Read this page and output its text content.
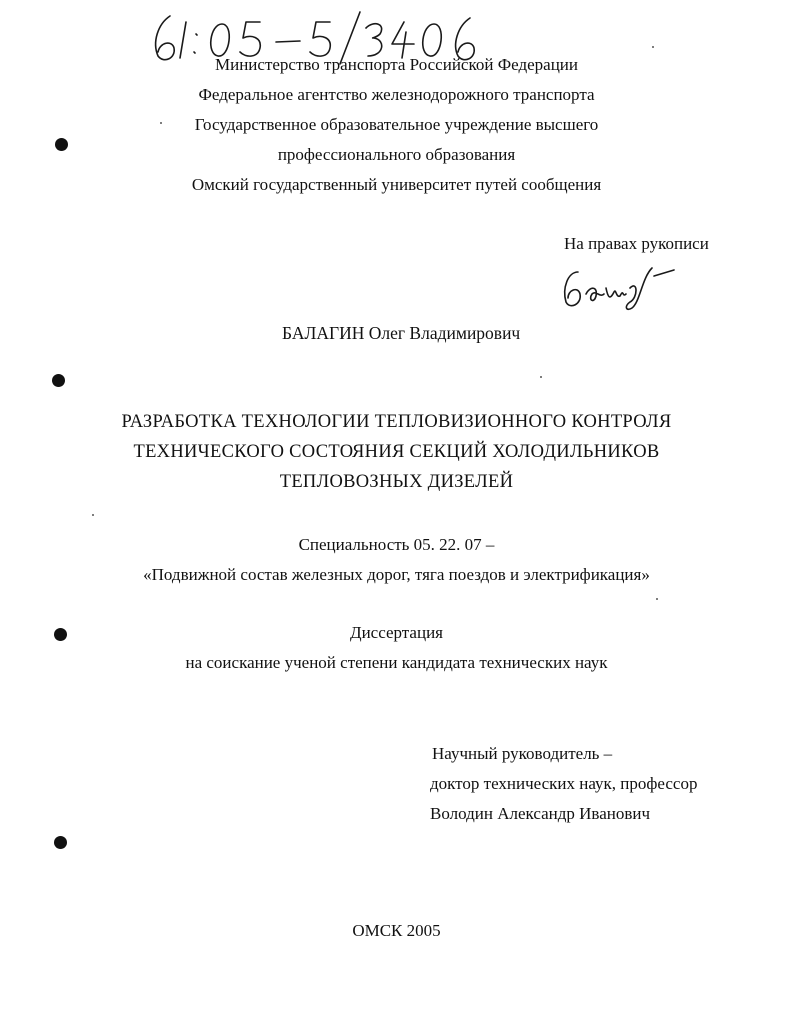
Министерство транспорта Российской Федерации
Федеральное агентство железнодорожного транспорта
Государственное образовательное учреждение высшего
профессионального образования
Омский государственный университет путей сообщения
На правах рукописи
БАЛАГИН Олег Владимирович
РАЗРАБОТКА ТЕХНОЛОГИИ ТЕПЛОВИЗИОННОГО КОНТРОЛЯ
ТЕХНИЧЕСКОГО СОСТОЯНИЯ СЕКЦИЙ ХОЛОДИЛЬНИКОВ
ТЕПЛОВОЗНЫХ ДИЗЕЛЕЙ
Специальность 05. 22. 07 –
«Подвижной состав железных дорог, тяга поездов и электрификация»
Диссертация
на соискание ученой степени кандидата технических наук
Научный руководитель –
доктор технических наук, профессор
Володин Александр Иванович
ОМСК 2005
